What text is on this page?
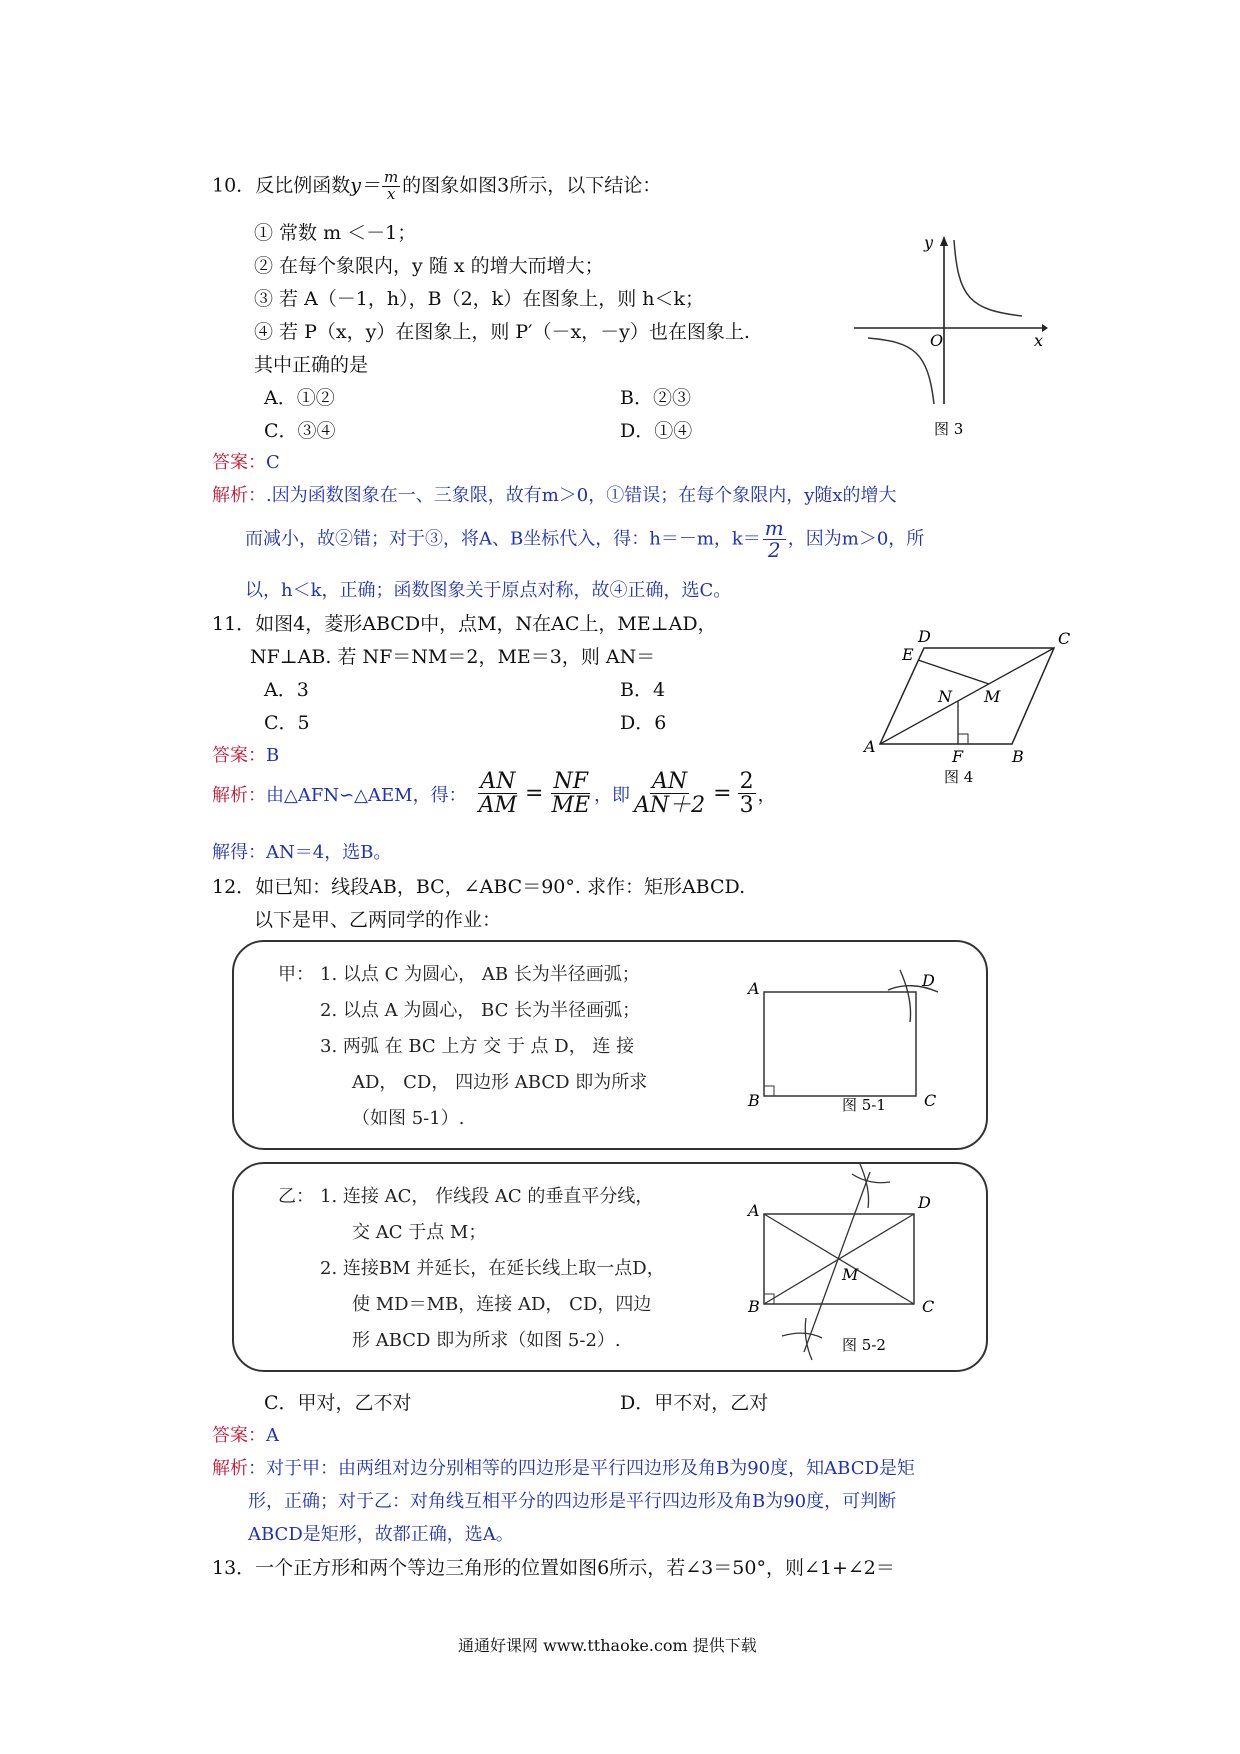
10．反比例函数$y= \frac{m}{x}$ 的图象如图3所示，以下结论：
① 常数 m ＜－1；
② 在每个象限内，y 随 x 的增大而增大；
③ 若 A（－1，h），B（2，k）在图象上，则 h＜k；
④ 若 P（x，y）在图象上，则 P′（－x，－y）也在图象上.
其中正确的是
A．①②	B．②③
C．③④	D．①④
y
x
O
图 3
答案：C
解析：.因为函数图象在一、三象限，故有m＞0，①错误；在每个象限内，y随x的增大
而减小，故②错；对于③，将A、B坐标代入，得：h＝－m，$k= \frac{m}{2}$ ，因为m＞0，所
以，h＜k，正确；函数图象关于原点对称，故④正确，选C。
11．如图4，菱形ABCD中，点M，N在AC上，ME⊥AD，
NF⊥AB. 若 NF＝NM＝2，ME＝3，则 AN＝
A．3	B．4
C．5	D．6
D	C
E
N M
A
F	B
图 4
答案：B
解析： 由△AFN∽△AEM，得： $\frac{AN}{AM} = \frac{NF}{ME}$ ，即 $\frac{AN}{AN+2} = \frac{2}{3}$ ，
解得：AN＝4，选B。
12．如已知：线段AB，BC，∠ABC＝90°. 求作：矩形ABCD.
以下是甲、乙两同学的作业：
甲： 1. 以点 C 为圆心， AB 长为半径画弧；
2. 以点 A 为圆心， BC 长为半径画弧；
3. 两弧 在 BC 上方 交 于 点 D， 连 接
AD， CD， 四边形 ABCD 即为所求
（如图 5-1）.
A	D
B	C
图 5-1
乙： 1. 连接 AC， 作线段 AC 的垂直平分线，
交 AC 于点 M；
2. 连接BM 并延长，在延长线上取一点D，
使 MD＝MB，连接 AD， CD，四边
形 ABCD 即为所求（如图 5-2）.
A	D
M
B	C
图 5-2
C．甲对，乙不对	D．甲不对，乙对
答案：A
解析：对于甲：由两组对边分别相等的四边形是平行四边形及角B为90度，知ABCD是矩
形，正确；对于乙：对角线互相平分的四边形是平行四边形及角B为90度，可判断
ABCD是矩形，故都正确，选A。
13．一个正方形和两个等边三角形的位置如图6所示，若∠3＝50°，则∠1+∠2＝
通通好课网 www.tthaoke.com 提供下载
